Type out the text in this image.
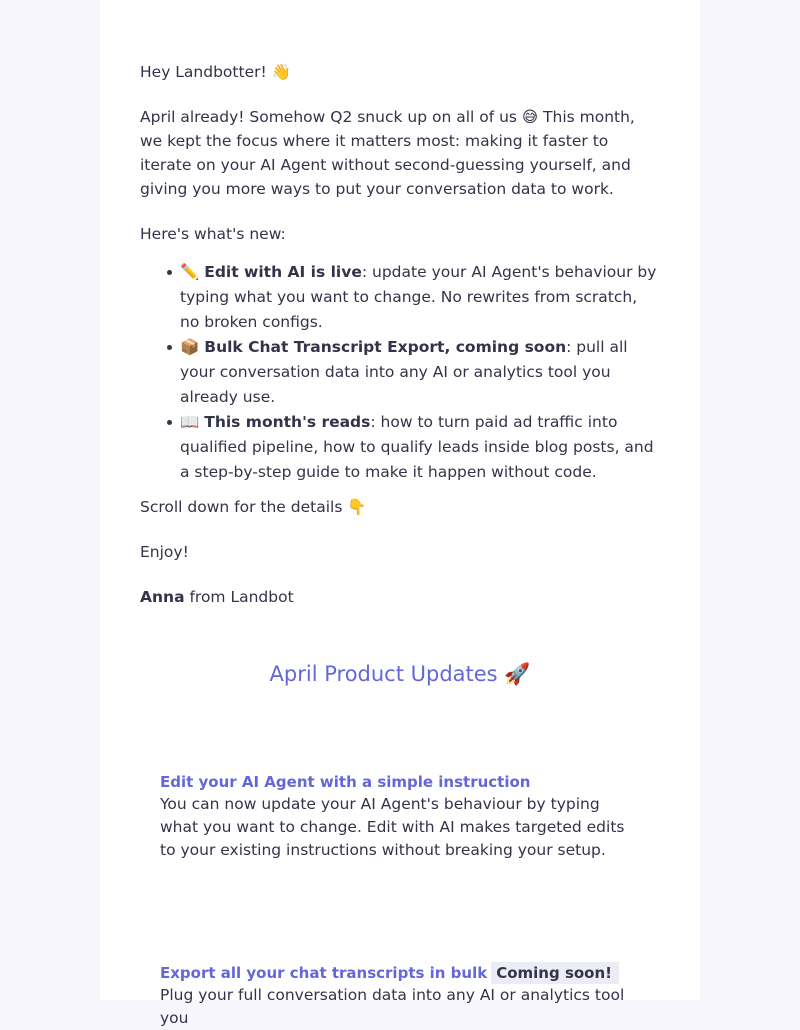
Hey Landbotter! 👋

April already! Somehow Q2 snuck up on all of us 😅 This month, we kept the focus where it matters most: making it faster to iterate on your AI Agent without second-guessing yourself, and giving you more ways to put your conversation data to work.

Here's what's new:

✏️ Edit with AI is live: update your AI Agent's behaviour by typing what you want to change. No rewrites from scratch, no broken configs.
📦 Bulk Chat Transcript Export, coming soon: pull all your conversation data into any AI or analytics tool you already use.
📖 This month's reads: how to turn paid ad traffic into qualified pipeline, how to qualify leads inside blog posts, and a step-by-step guide to make it happen without code.

Scroll down for the details 👇

Enjoy!

Anna from Landbot

April Product Updates 🚀

Edit your AI Agent with a simple instruction

You can now update your AI Agent's behaviour by typing what you want to change. Edit with AI makes targeted edits to your existing instructions without breaking your setup.

Export all your chat transcripts in bulk Coming soon!

Plug your full conversation data into any AI or analytics tool you
